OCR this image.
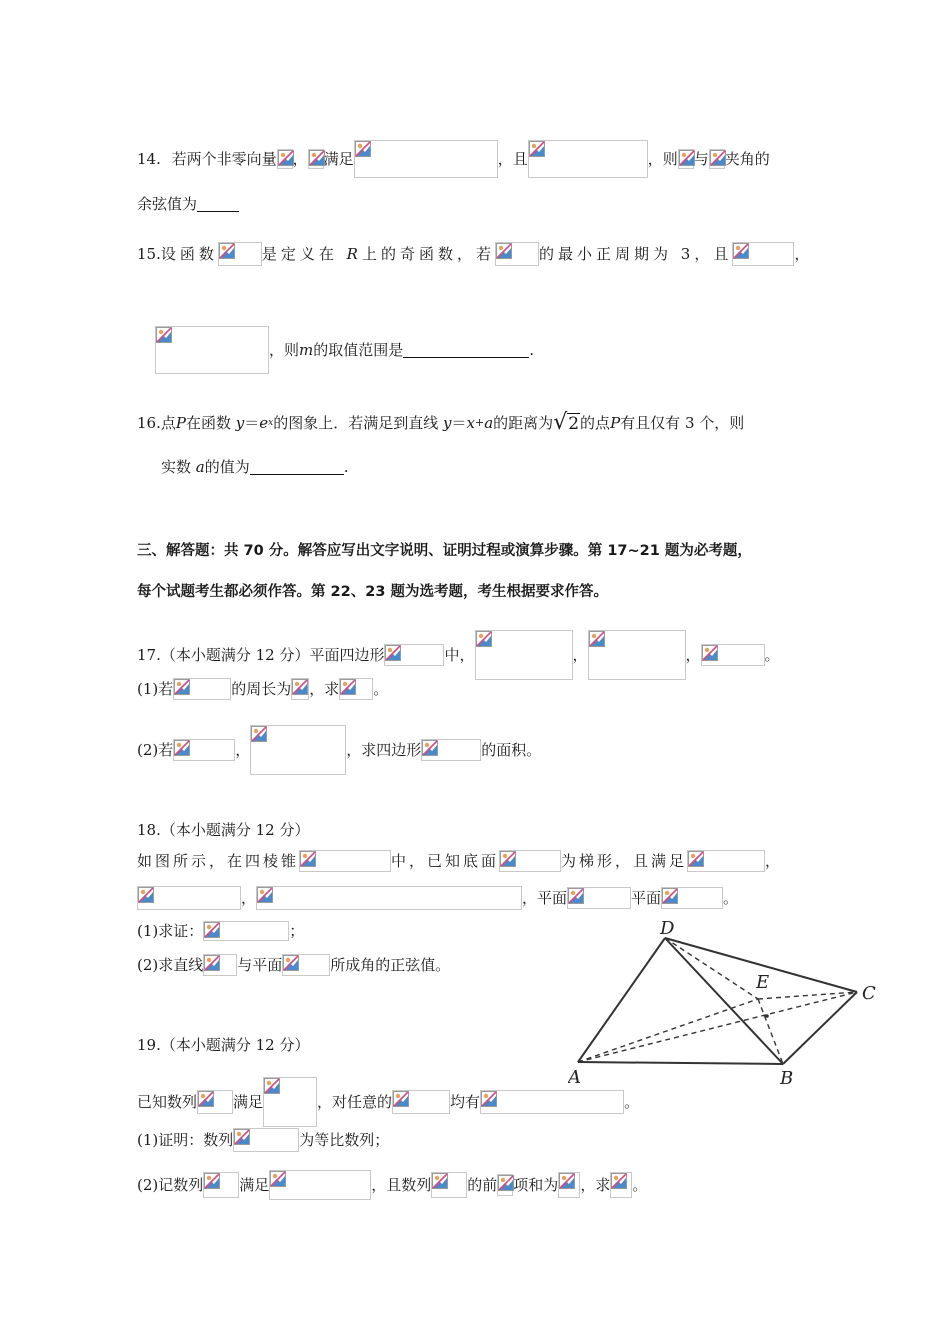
14. 若两个非零向量 ， 满足	，且	，则 与 夹角的
余弦值为
15.设函数	是定义在 R上的奇函数，若	的最小正周期为 3，且	，
，则m的取值范围是	.
16.点P在函数 y＝ex的图象上．若满足到直线 y＝x+a的距离为√2的点P有且仅有 3 个，则
实数 a的值为	.
三、解答题：共 70 分。解答应写出文字说明、证明过程或演算步骤。第 17~21 题为必考题，
每个试题考生都必须作答。第 22、23 题为选考题，考生根据要求作答。
17.（本小题满分 12 分）平面四边形	中，	，	，	。
(1)若	的周长为 ，求 。
(2)若	，	，求四边形	的面积。
18.（本小题满分 12 分）
如图所示，在四棱锥	中，已知底面	为梯形，且满足	，
，	，平面	平面	。
(1)求证：	；
(2)求直线 与平面	所成角的正弦值。
D
E
C
A	B
19.（本小题满分 12 分）
已知数列 满足	，对任意的	均有	。
(1)证明：数列	为等比数列；
(2)记数列 满足	，且数列 的前 项和为 ，求 。
